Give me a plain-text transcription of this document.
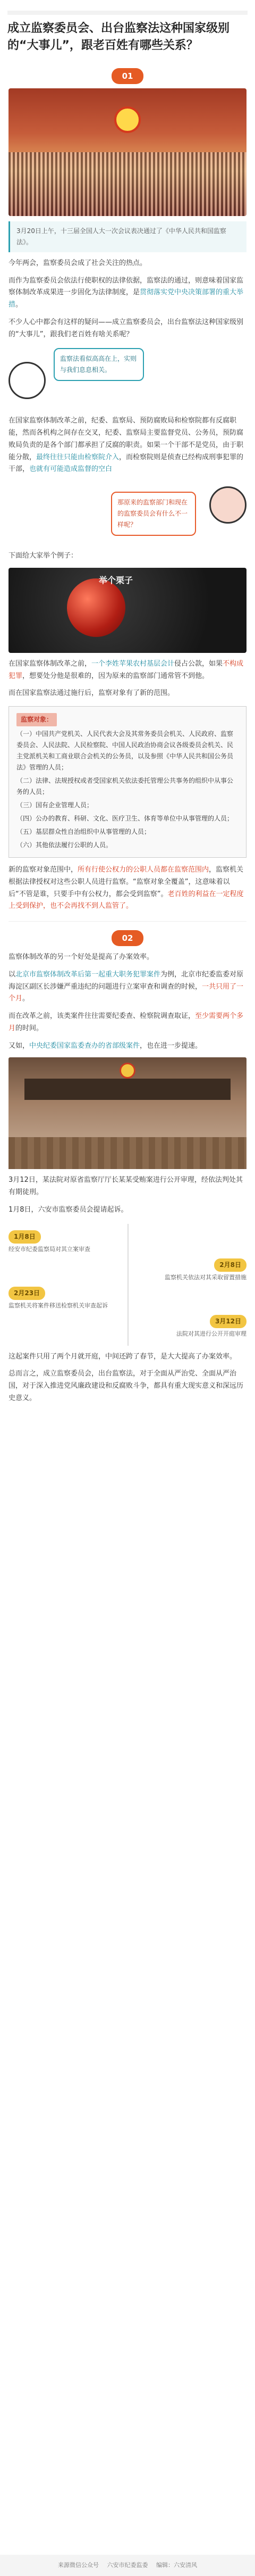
成立监察委员会、出台监察法这种国家级别的“大事儿”，跟老百姓有哪些关系？
01
3月20日上午，十三届全国人大一次会议表决通过了《中华人民共和国监察法》。

今年两会，监察委员会成了社会关注的热点。

而作为监察委员会依法行使职权的法律依据，监察法的通过，则意味着国家监察体制改革成果进一步固化为法律制度，是贯彻落实党中央决策部署的重大举措。

不少人心中都会有这样的疑问——成立监察委员会，出台监察法这种国家级别的“大事儿”，跟我们老百姓有啥关系呢？

监察法看似高高在上，实则与我们息息相关。

在国家监察体制改革之前，纪委、监察局、预防腐败局和检察院都有反腐职能，然而各机构之间存在交叉，纪委、监察局主要监督党员、公务员，预防腐败局负责的是各个部门都承担了反腐的职责。如果一个干部不是党员，由于职能分散，最终往往只能由检察院介入，而检察院则是侦查已经构成刑事犯罪的干部，也就有可能造成监督的空白

那原来的监察部门和现在的监察委员会有什么不一样呢？

下面给大家举个例子：

举个栗子

在国家监察体制改革之前，一个李姓苹果农村基层会计侵占公款，如果不构成犯罪，想要处分他是很难的，因为原来的监察部门通常管不到他。

而在国家监察法通过施行后，监察对象有了新的范围。

监察对象：
（一）中国共产党机关、人民代表大会及其常务委员会机关、人民政府、监察委员会、人民法院、人民检察院、中国人民政治协商会议各级委员会机关、民主党派机关和工商业联合会机关的公务员，以及参照《中华人民共和国公务员法》管理的人员；
（二）法律、法规授权或者受国家机关依法委托管理公共事务的组织中从事公务的人员；
（三）国有企业管理人员；
（四）公办的教育、科研、文化、医疗卫生、体育等单位中从事管理的人员；
（五）基层群众性自治组织中从事管理的人员；
（六）其他依法履行公职的人员。

新的监察对象范围中，所有行使公权力的公职人员都在监察范围内，监察机关根据法律授权对这些公职人员进行监察。“监察对象全覆盖”，这意味着以后“不管是谁，只要手中有公权力，都会受到监察”。老百姓的利益在一定程度上受到保护，也不会再找不到人监管了。

02

监察体制改革的另一个好处是提高了办案效率。

以北京市监察体制改革后第一起重大职务犯罪案件为例，北京市纪委监委对原海淀区副区长涉嫌严重违纪的问题进行立案审查和调查的时候，一共只用了一个月。

而在改革之前，该类案件往往需要纪委查、检察院调查取证，至少需要两个多月的时间。

又如，中央纪委国家监委查办的省部级案件，也在进一步提速。

3月12日，某法院对原省监察厅厅长某某受贿案进行公开审理，经依法判处其有期徒刑。

1月8日，六安市监察委员会提请起诉。

1月8日
经安市纪委监察局对其立案审查
2月8日
监察机关依法对其采取留置措施
2月23日
监察机关将案件移送检察机关审查起诉
3月12日
法院对其进行公开开庭审理

这起案件只用了两个月就开庭，中间还跨了春节，是大大提高了办案效率。

总而言之，成立监察委员会，出台监察法，对于全面从严治党、全面从严治国，对于深入推进党风廉政建设和反腐败斗争，都具有重大现实意义和深远历史意义。

来源微信公众号 六安市纪委监委 编辑：六安清风
